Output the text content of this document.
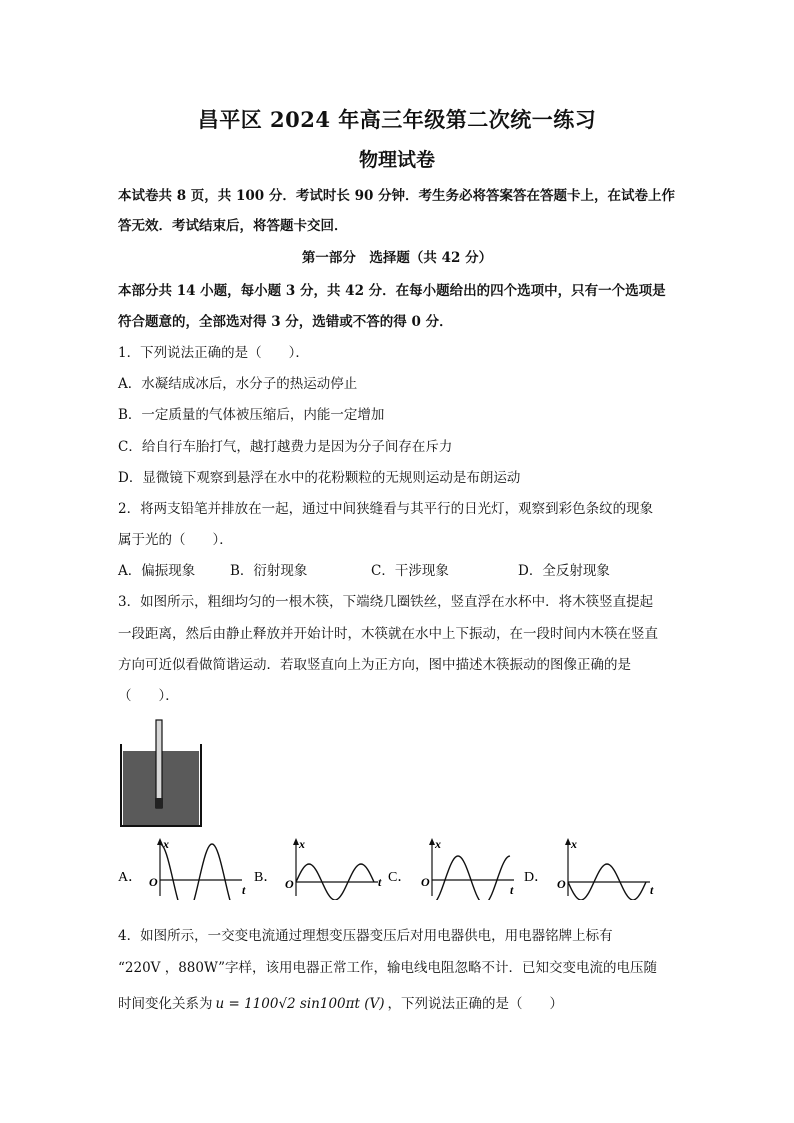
昌平区 2024 年高三年级第二次统一练习
物理试卷
本试卷共 8 页，共 100 分．考试时长 90 分钟．考生务必将答案答在答题卡上，在试卷上作
答无效．考试结束后，将答题卡交回．
第一部分　选择题（共 42 分）
本部分共 14 小题，每小题 3 分，共 42 分．在每小题给出的四个选项中，只有一个选项是
符合题意的，全部选对得 3 分，选错或不答的得 0 分．
1．下列说法正确的是（　　）．
A．水凝结成冰后，水分子的热运动停止
B．一定质量的气体被压缩后，内能一定增加
C．给自行车胎打气，越打越费力是因为分子间存在斥力
D．显微镜下观察到悬浮在水中的花粉颗粒的无规则运动是布朗运动
2．将两支铅笔并排放在一起，通过中间狭缝看与其平行的日光灯，观察到彩色条纹的现象
属于光的（　　）．
A．偏振现象	B．衍射现象	C．干涉现象	D．全反射现象
3．如图所示，粗细均匀的一根木筷，下端绕几圈铁丝，竖直浮在水杯中．将木筷竖直提起
一段距离，然后由静止释放并开始计时，木筷就在水中上下振动，在一段时间内木筷在竖直
方向可近似看做简谐运动．若取竖直向上为正方向，图中描述木筷振动的图像正确的是
（　　）．
A．
x
O
t
B．
x
O	t C．
x
O
t
D．
x
O	t
4．如图所示，一交变电流通过理想变压器变压后对用电器供电，用电器铭牌上标有
“220V ，880W”字样，该用电器正常工作，输电线电阻忽略不计．已知交变电流的电压随
时间变化关系为 u = 1100√2 sin100πt (V) ，下列说法正确的是（　　）
